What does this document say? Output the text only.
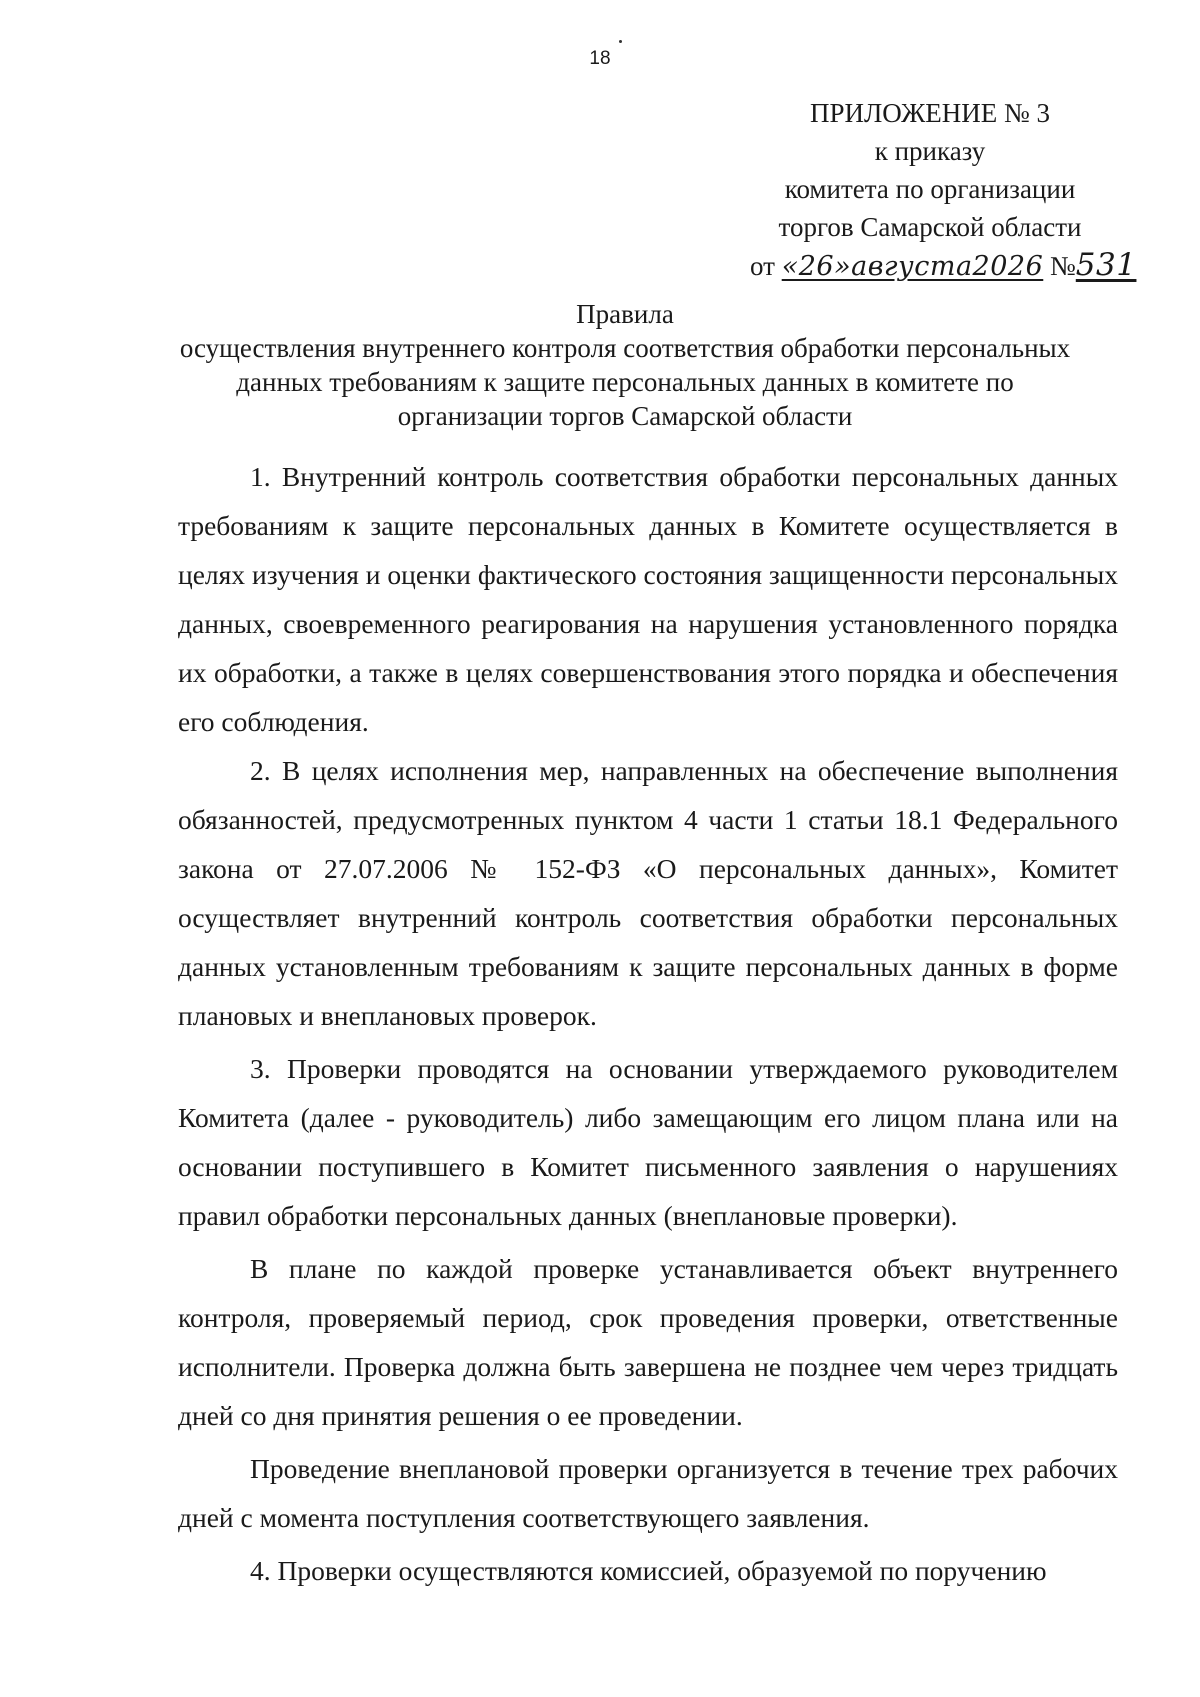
18
ПРИЛОЖЕНИЕ № 3
к приказу
комитета по организации
торгов Самарской области
от «26»августа2026 №531
Правила
осуществления внутреннего контроля соответствия обработки персональных
данных требованиям к защите персональных данных в комитете по
организации торгов Самарской области

1. Внутренний контроль соответствия обработки персональных данных требованиям к защите персональных данных в Комитете осуществляется в целях изучения и оценки фактического состояния защищенности персональных данных, своевременного реагирования на нарушения установленного порядка их обработки, а также в целях совершенствования этого порядка и обеспечения его соблюдения.

2. В целях исполнения мер, направленных на обеспечение выполнения обязанностей, предусмотренных пунктом 4 части 1 статьи 18.1 Федерального закона от 27.07.2006 № 152-ФЗ «О персональных данных», Комитет осуществляет внутренний контроль соответствия обработки персональных данных установленным требованиям к защите персональных данных в форме плановых и внеплановых проверок.

3. Проверки проводятся на основании утверждаемого руководителем Комитета (далее - руководитель) либо замещающим его лицом плана или на основании поступившего в Комитет письменного заявления о нарушениях правил обработки персональных данных (внеплановые проверки).

В плане по каждой проверке устанавливается объект внутреннего контроля, проверяемый период, срок проведения проверки, ответственные исполнители. Проверка должна быть завершена не позднее чем через тридцать дней со дня принятия решения о ее проведении.

Проведение внеплановой проверки организуется в течение трех рабочих дней с момента поступления соответствующего заявления.

4. Проверки осуществляются комиссией, образуемой по поручению
